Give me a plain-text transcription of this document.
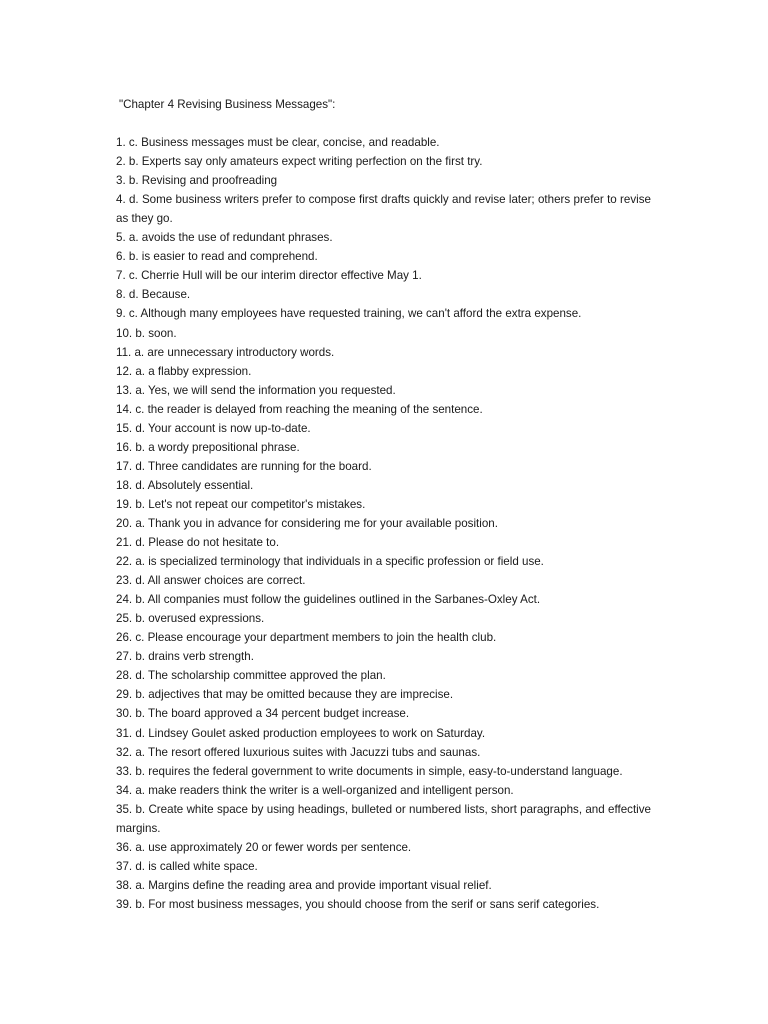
"Chapter 4 Revising Business Messages":

1. c. Business messages must be clear, concise, and readable.
2. b. Experts say only amateurs expect writing perfection on the first try.
3. b. Revising and proofreading
4. d. Some business writers prefer to compose first drafts quickly and revise later; others prefer to revise as they go.
5. a. avoids the use of redundant phrases.
6. b. is easier to read and comprehend.
7. c. Cherrie Hull will be our interim director effective May 1.
8. d. Because.
9. c. Although many employees have requested training, we can't afford the extra expense.
10. b. soon.
11. a. are unnecessary introductory words.
12. a. a flabby expression.
13. a. Yes, we will send the information you requested.
14. c. the reader is delayed from reaching the meaning of the sentence.
15. d. Your account is now up-to-date.
16. b. a wordy prepositional phrase.
17. d. Three candidates are running for the board.
18. d. Absolutely essential.
19. b. Let's not repeat our competitor's mistakes.
20. a. Thank you in advance for considering me for your available position.
21. d. Please do not hesitate to.
22. a. is specialized terminology that individuals in a specific profession or field use.
23. d. All answer choices are correct.
24. b. All companies must follow the guidelines outlined in the Sarbanes-Oxley Act.
25. b. overused expressions.
26. c. Please encourage your department members to join the health club.
27. b. drains verb strength.
28. d. The scholarship committee approved the plan.
29. b. adjectives that may be omitted because they are imprecise.
30. b. The board approved a 34 percent budget increase.
31. d. Lindsey Goulet asked production employees to work on Saturday.
32. a. The resort offered luxurious suites with Jacuzzi tubs and saunas.
33. b. requires the federal government to write documents in simple, easy-to-understand language.
34. a. make readers think the writer is a well-organized and intelligent person.
35. b. Create white space by using headings, bulleted or numbered lists, short paragraphs, and effective margins.
36. a. use approximately 20 or fewer words per sentence.
37. d. is called white space.
38. a. Margins define the reading area and provide important visual relief.
39. b. For most business messages, you should choose from the serif or sans serif categories.
